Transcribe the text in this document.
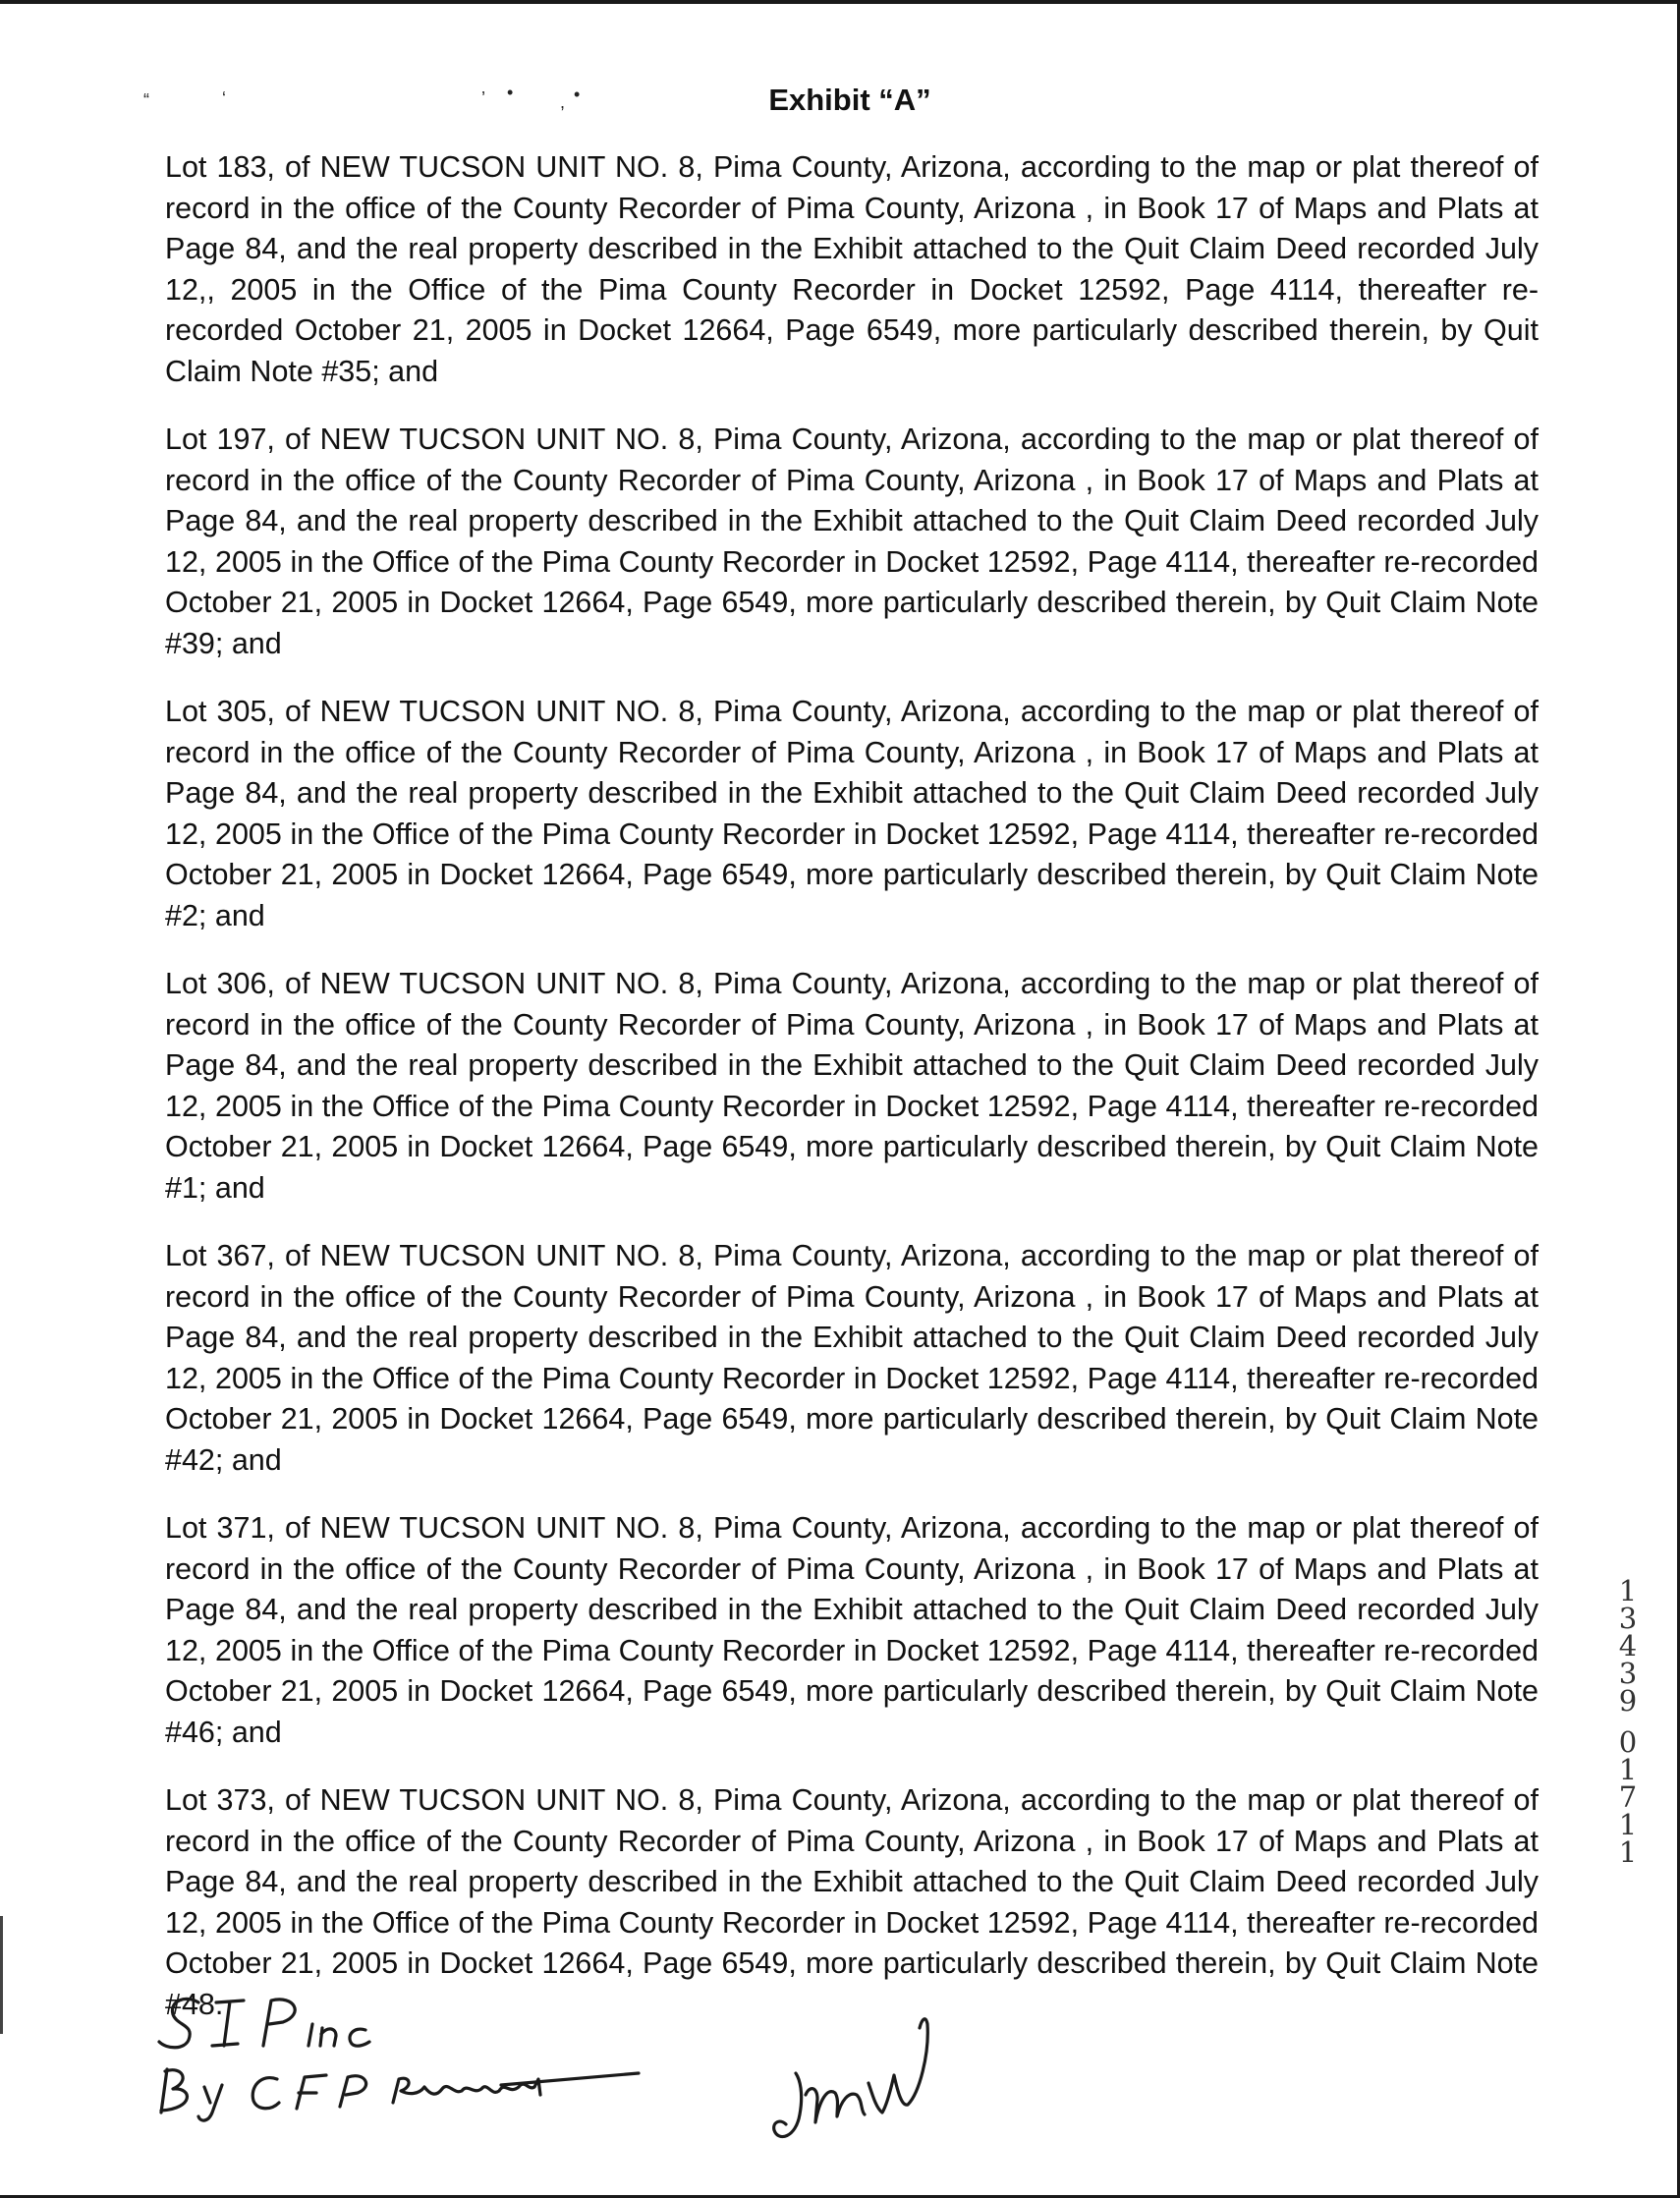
“	‘	’ •	, •	Exhibit “A”

Lot 183, of NEW TUCSON UNIT NO. 8, Pima County, Arizona, according to the map or plat thereof of record in the office of the County Recorder of Pima County, Arizona , in Book 17 of Maps and Plats at Page 84, and the real property described in the Exhibit attached to the Quit Claim Deed recorded July 12,, 2005 in the Office of the Pima County Recorder in Docket 12592, Page 4114, thereafter re-recorded October 21, 2005 in Docket 12664, Page 6549, more particularly described therein, by Quit Claim Note #35; and

Lot 197, of NEW TUCSON UNIT NO. 8, Pima County, Arizona, according to the map or plat thereof of record in the office of the County Recorder of Pima County, Arizona , in Book 17 of Maps and Plats at Page 84, and the real property described in the Exhibit attached to the Quit Claim Deed recorded July 12, 2005 in the Office of the Pima County Recorder in Docket 12592, Page 4114, thereafter re-recorded October 21, 2005 in Docket 12664, Page 6549, more particularly described therein, by Quit Claim Note #39; and

Lot 305, of NEW TUCSON UNIT NO. 8, Pima County, Arizona, according to the map or plat thereof of record in the office of the County Recorder of Pima County, Arizona , in Book 17 of Maps and Plats at Page 84, and the real property described in the Exhibit attached to the Quit Claim Deed recorded July 12, 2005 in the Office of the Pima County Recorder in Docket 12592, Page 4114, thereafter re-recorded October 21, 2005 in Docket 12664, Page 6549, more particularly described therein, by Quit Claim Note #2; and

Lot 306, of NEW TUCSON UNIT NO. 8, Pima County, Arizona, according to the map or plat thereof of record in the office of the County Recorder of Pima County, Arizona , in Book 17 of Maps and Plats at Page 84, and the real property described in the Exhibit attached to the Quit Claim Deed recorded July 12, 2005 in the Office of the Pima County Recorder in Docket 12592, Page 4114, thereafter re-recorded October 21, 2005 in Docket 12664, Page 6549, more particularly described therein, by Quit Claim Note #1; and

Lot 367, of NEW TUCSON UNIT NO. 8, Pima County, Arizona, according to the map or plat thereof of record in the office of the County Recorder of Pima County, Arizona , in Book 17 of Maps and Plats at Page 84, and the real property described in the Exhibit attached to the Quit Claim Deed recorded July 12, 2005 in the Office of the Pima County Recorder in Docket 12592, Page 4114, thereafter re-recorded October 21, 2005 in Docket 12664, Page 6549, more particularly described therein, by Quit Claim Note #42; and

Lot 371, of NEW TUCSON UNIT NO. 8, Pima County, Arizona, according to the map or plat thereof of record in the office of the County Recorder of Pima County, Arizona , in Book 17 of Maps and Plats at Page 84, and the real property described in the Exhibit attached to the Quit Claim Deed recorded July 12, 2005 in the Office of the Pima County Recorder in Docket 12592, Page 4114, thereafter re-recorded October 21, 2005 in Docket 12664, Page 6549, more particularly described therein, by Quit Claim Note #46; and

Lot 373, of NEW TUCSON UNIT NO. 8, Pima County, Arizona, according to the map or plat thereof of record in the office of the County Recorder of Pima County, Arizona , in Book 17 of Maps and Plats at Page 84, and the real property described in the Exhibit attached to the Quit Claim Deed recorded July 12, 2005 in the Office of the Pima County Recorder in Docket 12592, Page 4114, thereafter re-recorded October 21, 2005 in Docket 12664, Page 6549, more particularly described therein, by Quit Claim Note #48.

1
3
4
3
9
0
1
7
1
1
